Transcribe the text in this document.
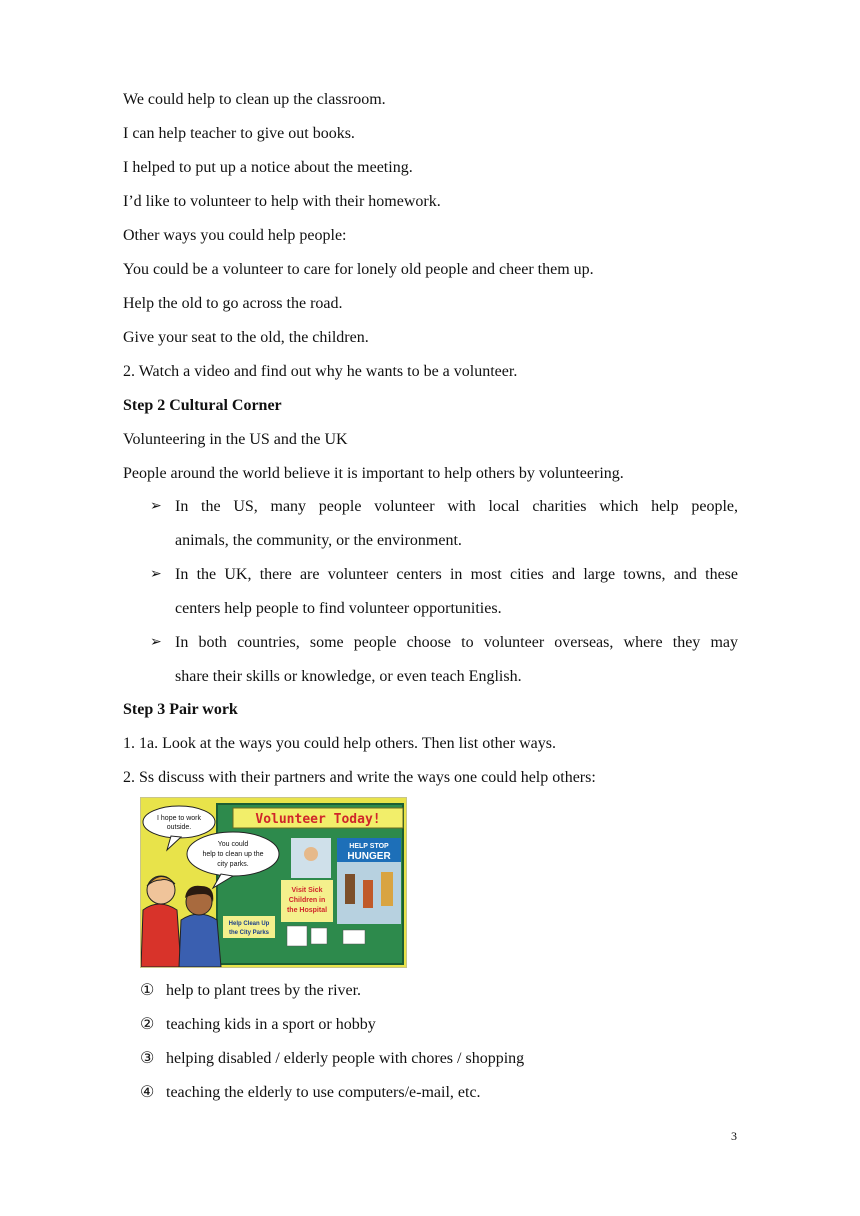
We could help to clean up the classroom.
I can help teacher to give out books.
I helped to put up a notice about the meeting.
I’d like to volunteer to help with their homework.
Other ways you could help people:
You could be a volunteer to care for lonely old people and cheer them up.
Help the old to go across the road.
Give your seat to the old, the children.
2. Watch a video and find out why he wants to be a volunteer.
Step 2 Cultural Corner
Volunteering in the US and the UK
People around the world believe it is important to help others by volunteering.
➢ In the US, many people volunteer with local charities which help people,
animals, the community, or the environment.
➢ In the UK, there are volunteer centers in most cities and large towns, and these
centers help people to find volunteer opportunities.
➢ In both countries, some people choose to volunteer overseas, where they may
share their skills or knowledge, or even teach English.
Step 3 Pair work
1. 1a. Look at the ways you could help others. Then list other ways.
2. Ss discuss with their partners and write the ways one could help others:
Volunteer Today!
HELP STOP
HUNGER
Visit Sick
Children in
the Hospital
Help Clean Up
the City Parks
I hope to work
outside.
You could
help to clean up the
city parks.
① help to plant trees by the river.
② teaching kids in a sport or hobby
③ helping disabled / elderly people with chores / shopping
④ teaching the elderly to use computers/e-mail, etc.
3
